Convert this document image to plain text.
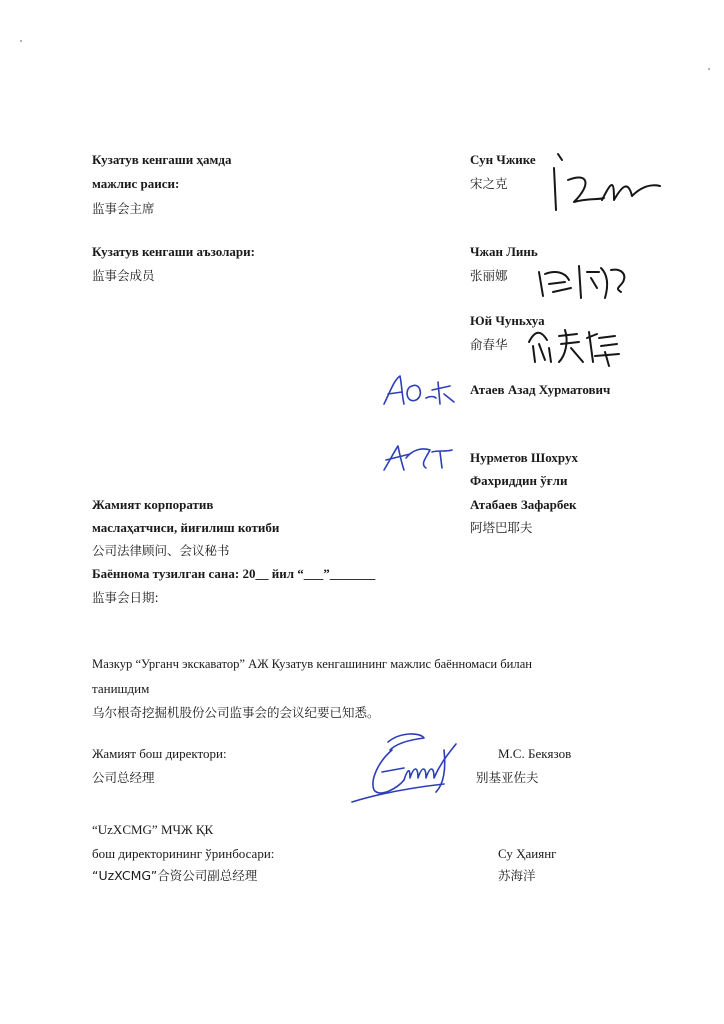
Кузатув кенгаши ҳамда
мажлис раиси:
监事会主席
Сун Чжике
宋之克
Кузатув кенгаши аъзолари:
监事会成员
Чжан Линь
张丽娜
Юй Чуньхуа
俞春华
Атаев Азад Хурматович
Нурметов Шохрух
Фахриддин ўғли
Жамият корпоратив
маслаҳатчиси, йиғилиш котиби
公司法律顾问、会议秘书
Атабаев Зафарбек
阿塔巴耶夫
Баённома тузилган сана: 20__ йил “___”_______
监事会日期:
Мазкур “Урганч экскаватор” АЖ Кузатув кенгашининг мажлис баённомаси билан
танишдим
乌尔根奇挖掘机股份公司监事会的会议纪要已知悉。
Жамият бош директори:
公司总经理
М.С. Бекязов
别基亚佐夫
“UzXCMG” МЧЖ ҚК
бош директорининг ўринбосари:
“UzXCMG”合资公司副总经理
Су Ҳаиянг
苏海洋
